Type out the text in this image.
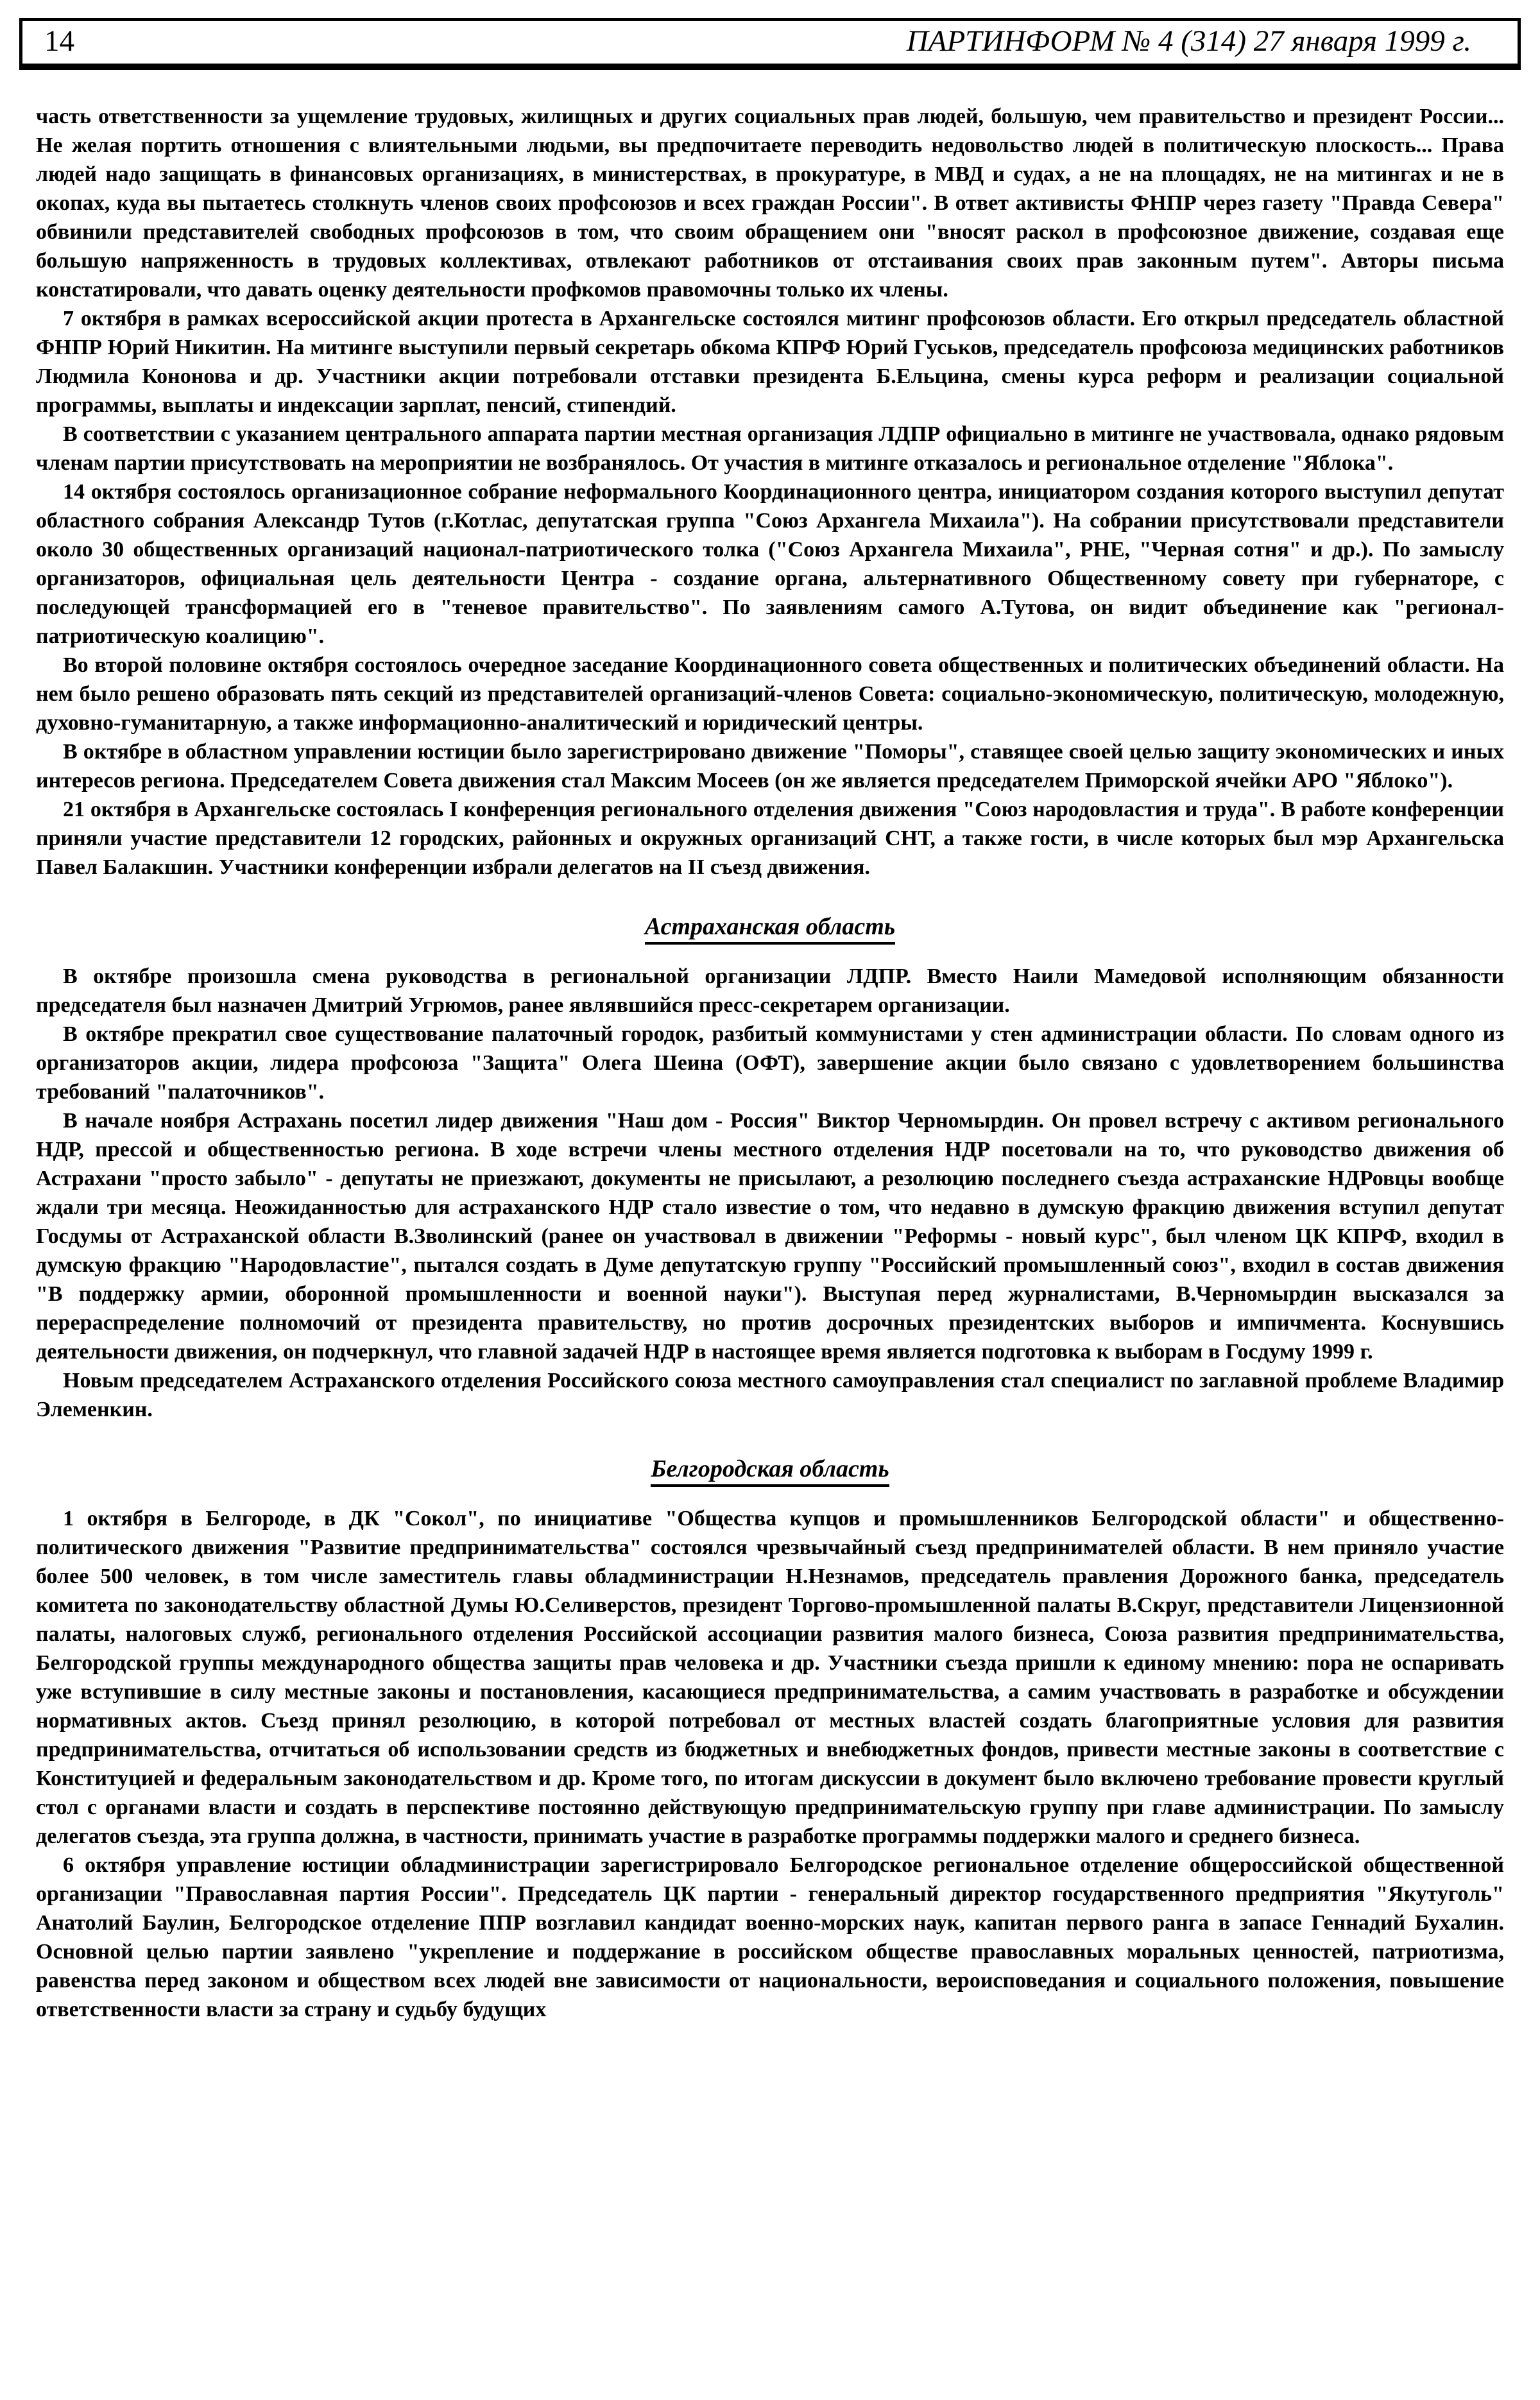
14	ПАРТИНФОРМ № 4 (314) 27 января 1999 г.

часть ответственности за ущемление трудовых, жилищных и других социальных прав людей, большую, чем правительство и президент России... Не желая портить отношения с влиятельными людьми, вы предпочитаете переводить недовольство людей в политическую плоскость... Права людей надо защищать в финансовых организациях, в министерствах, в прокуратуре, в МВД и судах, а не на площадях, не на митингах и не в окопах, куда вы пытаетесь столкнуть членов своих профсоюзов и всех граждан России". В ответ активисты ФНПР через газету "Правда Севера" обвинили представителей свободных профсоюзов в том, что своим обращением они "вносят раскол в профсоюзное движение, создавая еще большую напряженность в трудовых коллективах, отвлекают работников от отстаивания своих прав законным путем". Авторы письма констатировали, что давать оценку деятельности профкомов правомочны только их члены.

7 октября в рамках всероссийской акции протеста в Архангельске состоялся митинг профсоюзов области. Его открыл председатель областной ФНПР Юрий Никитин. На митинге выступили первый секретарь обкома КПРФ Юрий Гуськов, председатель профсоюза медицинских работников Людмила Кононова и др. Участники акции потребовали отставки президента Б.Ельцина, смены курса реформ и реализации социальной программы, выплаты и индексации зарплат, пенсий, стипендий.

В соответствии с указанием центрального аппарата партии местная организация ЛДПР официально в митинге не участвовала, однако рядовым членам партии присутствовать на мероприятии не возбранялось. От участия в митинге отказалось и региональное отделение "Яблока".

14 октября состоялось организационное собрание неформального Координационного центра, инициатором создания которого выступил депутат областного собрания Александр Тутов (г.Котлас, депутатская группа "Союз Архангела Михаила"). На собрании присутствовали представители около 30 общественных организаций национал-патриотического толка ("Союз Архангела Михаила", РНЕ, "Черная сотня" и др.). По замыслу организаторов, официальная цель деятельности Центра - создание органа, альтернативного Общественному совету при губернаторе, с последующей трансформацией его в "теневое правительство". По заявлениям самого А.Тутова, он видит объединение как "регионал-патриотическую коалицию".

Во второй половине октября состоялось очередное заседание Координационного совета общественных и политических объединений области. На нем было решено образовать пять секций из представителей организаций-членов Совета: социально-экономическую, политическую, молодежную, духовно-гуманитарную, а также информационно-аналитический и юридический центры.

В октябре в областном управлении юстиции было зарегистрировано движение "Поморы", ставящее своей целью защиту экономических и иных интересов региона. Председателем Совета движения стал Максим Мосеев (он же является председателем Приморской ячейки АРО "Яблоко").

21 октября в Архангельске состоялась I конференция регионального отделения движения "Союз народовластия и труда". В работе конференции приняли участие представители 12 городских, районных и окружных организаций СНТ, а также гости, в числе которых был мэр Архангельска Павел Балакшин. Участники конференции избрали делегатов на II съезд движения.

Астраханская область

В октябре произошла смена руководства в региональной организации ЛДПР. Вместо Наили Мамедовой исполняющим обязанности председателя был назначен Дмитрий Угрюмов, ранее являвшийся пресс-секретарем организации.

В октябре прекратил свое существование палаточный городок, разбитый коммунистами у стен администрации области. По словам одного из организаторов акции, лидера профсоюза "Защита" Олега Шеина (ОФТ), завершение акции было связано с удовлетворением большинства требований "палаточников".

В начале ноября Астрахань посетил лидер движения "Наш дом - Россия" Виктор Черномырдин. Он провел встречу с активом регионального НДР, прессой и общественностью региона. В ходе встречи члены местного отделения НДР посетовали на то, что руководство движения об Астрахани "просто забыло" - депутаты не приезжают, документы не присылают, а резолюцию последнего съезда астраханские НДРовцы вообще ждали три месяца. Неожиданностью для астраханского НДР стало известие о том, что недавно в думскую фракцию движения вступил депутат Госдумы от Астраханской области В.Зволинский (ранее он участвовал в движении "Реформы - новый курс", был членом ЦК КПРФ, входил в думскую фракцию "Народовластие", пытался создать в Думе депутатскую группу "Российский промышленный союз", входил в состав движения "В поддержку армии, оборонной промышленности и военной науки"). Выступая перед журналистами, В.Черномырдин высказался за перераспределение полномочий от президента правительству, но против досрочных президентских выборов и импичмента. Коснувшись деятельности движения, он подчеркнул, что главной задачей НДР в настоящее время является подготовка к выборам в Госдуму 1999 г.

Новым председателем Астраханского отделения Российского союза местного самоуправления стал специалист по заглавной проблеме Владимир Элеменкин.

Белгородская область

1 октября в Белгороде, в ДК "Сокол", по инициативе "Общества купцов и промышленников Белгородской области" и общественно-политического движения "Развитие предпринимательства" состоялся чрезвычайный съезд предпринимателей области. В нем приняло участие более 500 человек, в том числе заместитель главы обладминистрации Н.Незнамов, председатель правления Дорожного банка, председатель комитета по законодательству областной Думы Ю.Селиверстов, президент Торгово-промышленной палаты В.Скруг, представители Лицензионной палаты, налоговых служб, регионального отделения Российской ассоциации развития малого бизнеса, Союза развития предпринимательства, Белгородской группы международного общества защиты прав человека и др. Участники съезда пришли к единому мнению: пора не оспаривать уже вступившие в силу местные законы и постановления, касающиеся предпринимательства, а самим участвовать в разработке и обсуждении нормативных актов. Съезд принял резолюцию, в которой потребовал от местных властей создать благоприятные условия для развития предпринимательства, отчитаться об использовании средств из бюджетных и внебюджетных фондов, привести местные законы в соответствие с Конституцией и федеральным законодательством и др. Кроме того, по итогам дискуссии в документ было включено требование провести круглый стол с органами власти и создать в перспективе постоянно действующую предпринимательскую группу при главе администрации. По замыслу делегатов съезда, эта группа должна, в частности, принимать участие в разработке программы поддержки малого и среднего бизнеса.

6 октября управление юстиции обладминистрации зарегистрировало Белгородское региональное отделение общероссийской общественной организации "Православная партия России". Председатель ЦК партии - генеральный директор государственного предприятия "Якутуголь" Анатолий Баулин, Белгородское отделение ППР возглавил кандидат военно-морских наук, капитан первого ранга в запасе Геннадий Бухалин. Основной целью партии заявлено "укрепление и поддержание в российском обществе православных моральных ценностей, патриотизма, равенства перед законом и обществом всех людей вне зависимости от национальности, вероисповедания и социального положения, повышение ответственности власти за страну и судьбу будущих
